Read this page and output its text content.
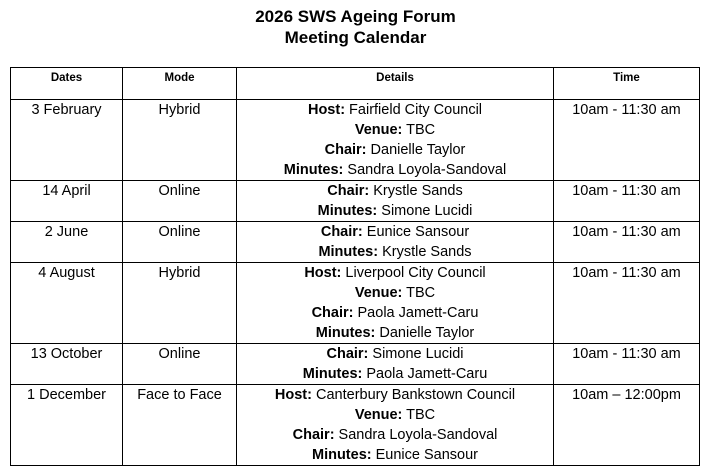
2026 SWS Ageing Forum
Meeting Calendar
Dates	Mode	Details	Time
3 February	Hybrid	Host: Fairfield City Council
Venue: TBC
Chair: Danielle Taylor
Minutes: Sandra Loyola-Sandoval	10am - 11:30 am
14 April	Online	Chair: Krystle Sands
Minutes: Simone Lucidi	10am - 11:30 am
2 June	Online	Chair: Eunice Sansour
Minutes: Krystle Sands	10am - 11:30 am
4 August	Hybrid	Host: Liverpool City Council
Venue: TBC
Chair: Paola Jamett-Caru
Minutes: Danielle Taylor	10am - 11:30 am
13 October	Online	Chair: Simone Lucidi
Minutes: Paola Jamett-Caru	10am - 11:30 am
1 December	Face to Face	Host: Canterbury Bankstown Council
Venue: TBC
Chair: Sandra Loyola-Sandoval
Minutes: Eunice Sansour	10am – 12:00pm
